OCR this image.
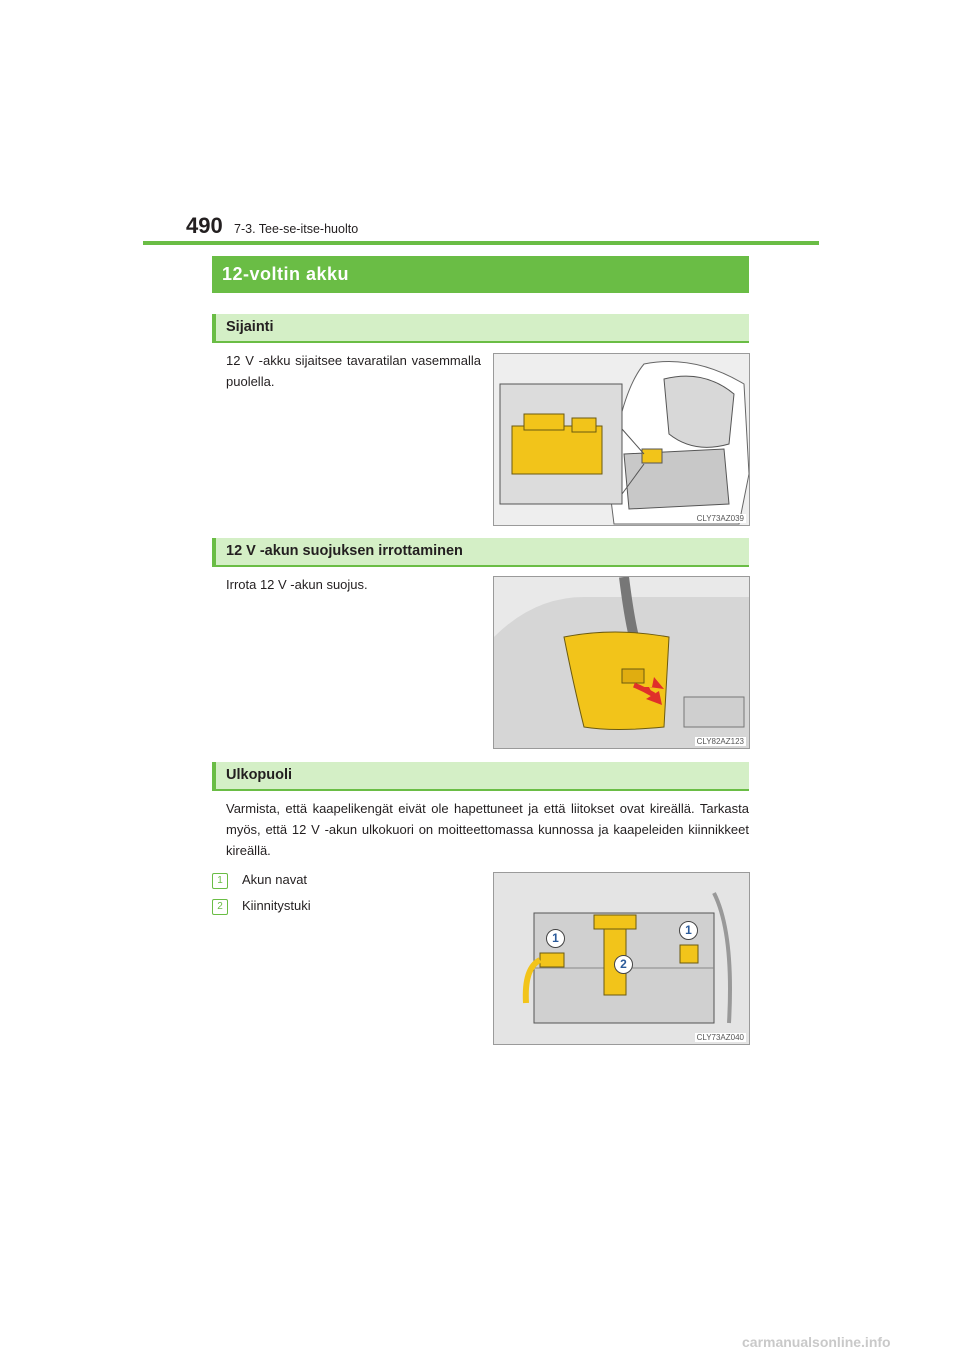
490 7-3. Tee-se-itse-huolto
12-voltin akku
Sijainti
12 V -akku sijaitsee tavaratilan vasemmalla puolella.
CLY73AZ039
12 V -akun suojuksen irrottaminen
Irrota 12 V -akun suojus.
CLY82AZ123
Ulkopuoli
Varmista, että kaapelikengät eivät ole hapettuneet ja että liitokset ovat kireällä. Tarkasta myös, että 12 V -akun ulkokuori on moitteettomassa kunnossa ja kaapeleiden kiinnikkeet kireällä.
1 Akun navat
2 Kiinnitystuki
1
1
2
CLY73AZ040
carmanualsonline.info
